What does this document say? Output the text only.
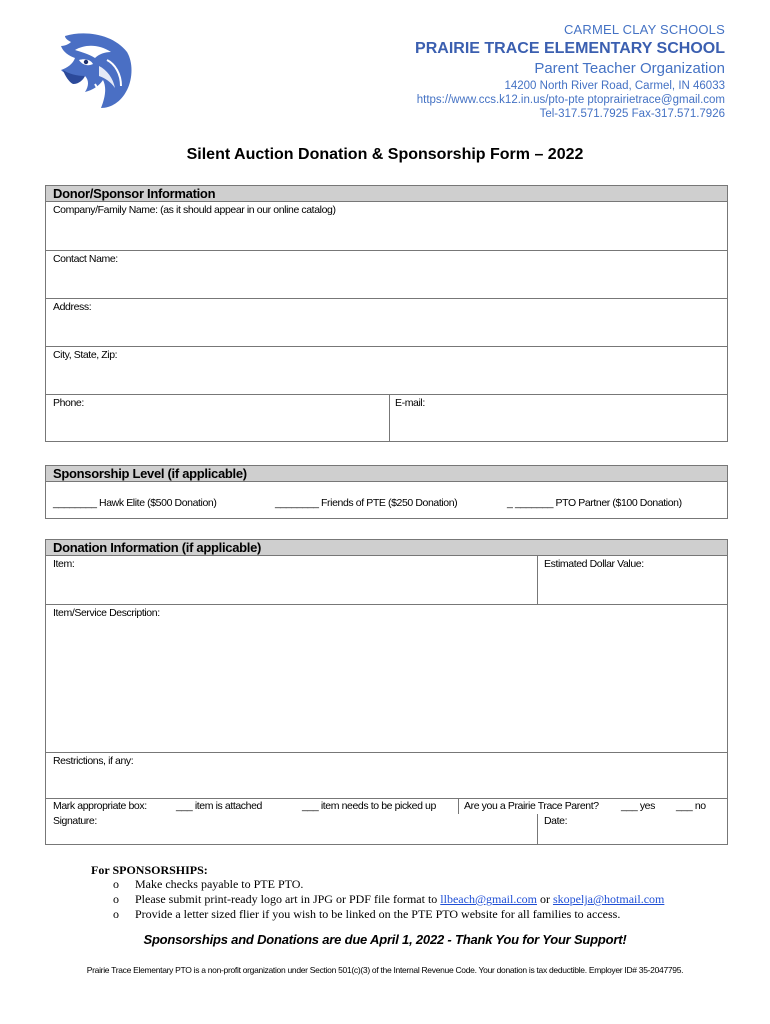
CARMEL CLAY SCHOOLS
PRAIRIE TRACE ELEMENTARY SCHOOL
Parent Teacher Organization
14200 North River Road, Carmel, IN 46033
https://www.ccs.k12.in.us/pto-pte ptoprairietrace@gmail.com
Tel-317.571.7925 Fax-317.571.7926
Silent Auction Donation & Sponsorship Form – 2022
Donor/Sponsor Information
Company/Family Name: (as it should appear in our online catalog)
Contact Name:
Address:
City, State, Zip:
Phone:	E-mail:
Sponsorship Level (if applicable)
________ Hawk Elite ($500 Donation)	________ Friends of PTE ($250 Donation)	_ _______ PTO Partner ($100 Donation)
Donation Information (if applicable)
Item:	Estimated Dollar Value:
Item/Service Description:
Restrictions, if any:
Mark appropriate box:	___ item is attached	___ item needs to be picked up	Are you a Prairie Trace Parent? ___ yes ___ no
Signature:	Date:
For SPONSORSHIPS:
o Make checks payable to PTE PTO.
o Please submit print-ready logo art in JPG or PDF file format to llbeach@gmail.com or skopelja@hotmail.com
o Provide a letter sized flier if you wish to be linked on the PTE PTO website for all families to access.
Sponsorships and Donations are due April 1, 2022 - Thank You for Your Support!
Prairie Trace Elementary PTO is a non-profit organization under Section 501(c)(3) of the Internal Revenue Code. Your donation is tax deductible. Employer ID# 35-2047795.
